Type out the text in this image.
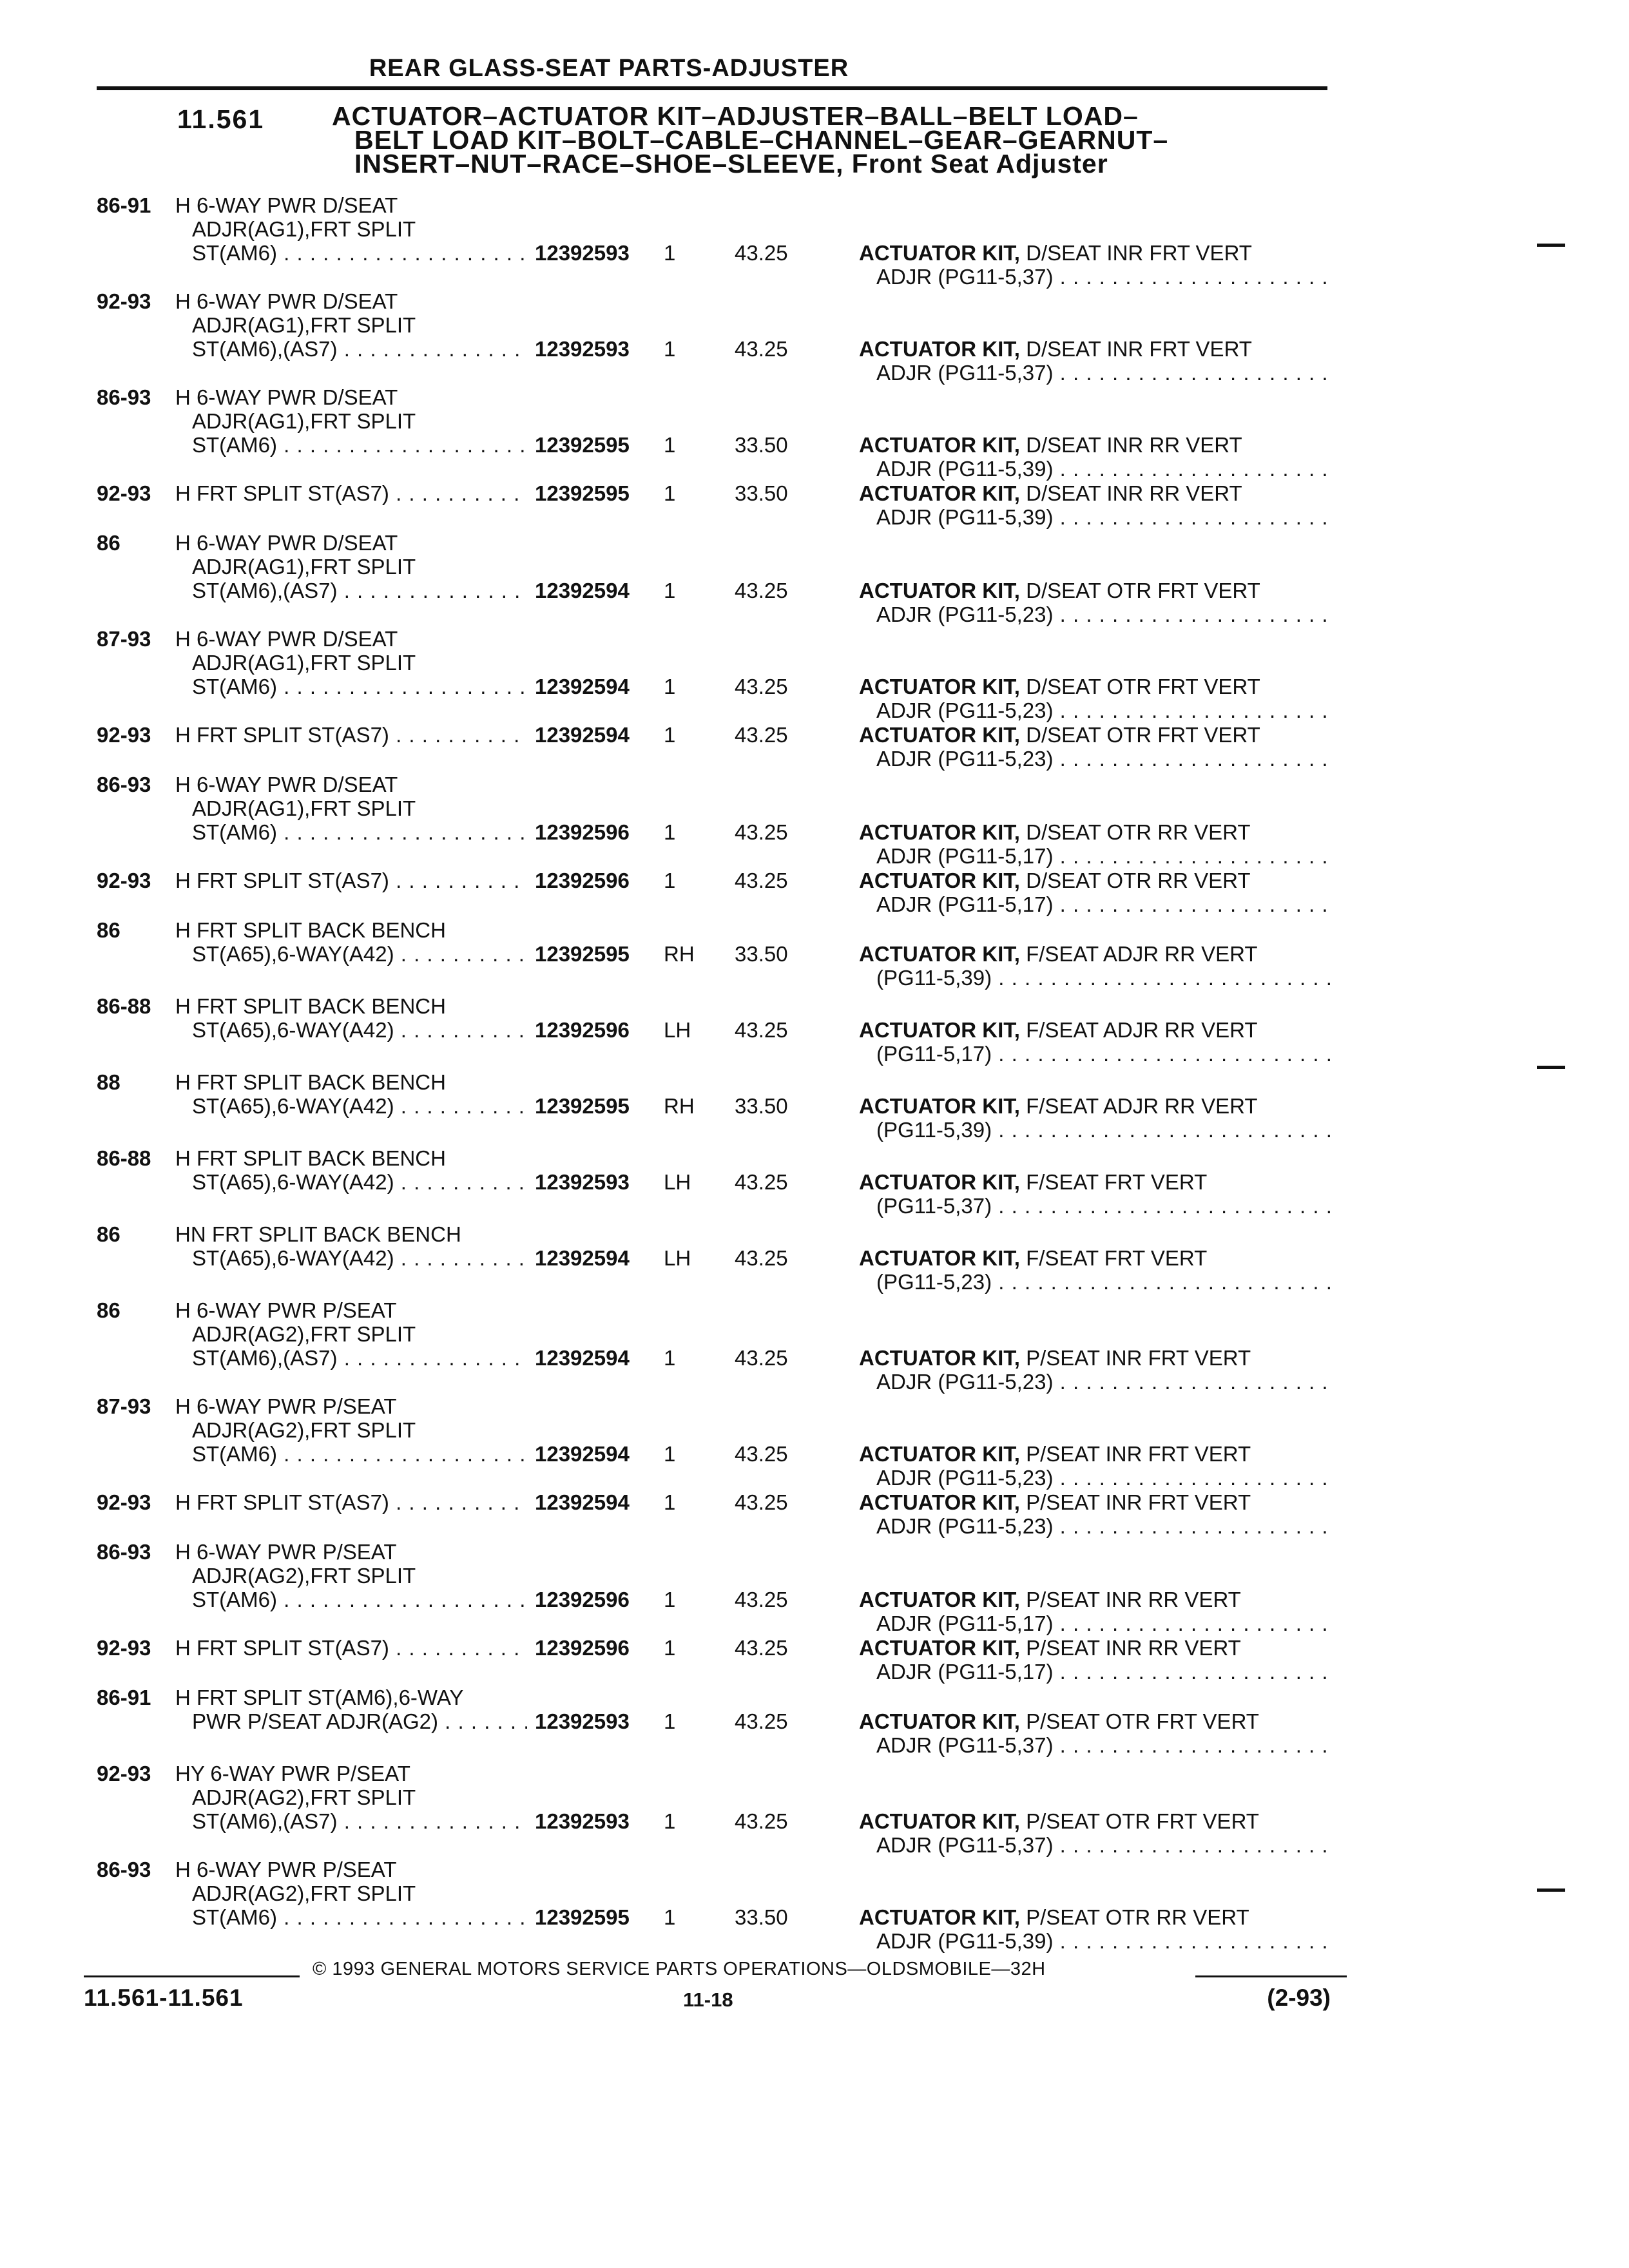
REAR GLASS-SEAT PARTS-ADJUSTER
11.561	ACTUATOR–ACTUATOR KIT–ADJUSTER–BALL–BELT LOAD–
BELT LOAD KIT–BOLT–CABLE–CHANNEL–GEAR–GEARNUT–
INSERT–NUT–RACE–SHOE–SLEEVE, Front Seat Adjuster
86-91	H 6-WAY PWR D/SEAT
ADJR(AG1),FRT SPLIT
ST(AM6) . . .	12392593 1	43.25	ACTUATOR KIT, D/SEAT INR FRT VERT
ADJR (PG11-5,37) . . .
92-93	H 6-WAY PWR D/SEAT
ADJR(AG1),FRT SPLIT
ST(AM6),(AS7) . . .	12392593 1	43.25	ACTUATOR KIT, D/SEAT INR FRT VERT
ADJR (PG11-5,37) . . .
86-93	H 6-WAY PWR D/SEAT
ADJR(AG1),FRT SPLIT
ST(AM6) . . .	12392595 1	33.50	ACTUATOR KIT, D/SEAT INR RR VERT
ADJR (PG11-5,39) . . .
92-93	H FRT SPLIT ST(AS7) . . .	12392595 1	33.50	ACTUATOR KIT, D/SEAT INR RR VERT
ADJR (PG11-5,39) . . .
86	H 6-WAY PWR D/SEAT
ADJR(AG1),FRT SPLIT
ST(AM6),(AS7) . . .	12392594 1	43.25	ACTUATOR KIT, D/SEAT OTR FRT VERT
ADJR (PG11-5,23) . . .
87-93	H 6-WAY PWR D/SEAT
ADJR(AG1),FRT SPLIT
ST(AM6) . . .	12392594 1	43.25	ACTUATOR KIT, D/SEAT OTR FRT VERT
ADJR (PG11-5,23) . . .
92-93	H FRT SPLIT ST(AS7) . . .	12392594 1	43.25	ACTUATOR KIT, D/SEAT OTR FRT VERT
ADJR (PG11-5,23) . . .
86-93	H 6-WAY PWR D/SEAT
ADJR(AG1),FRT SPLIT
ST(AM6) . . .	12392596 1	43.25	ACTUATOR KIT, D/SEAT OTR RR VERT
ADJR (PG11-5,17) . . .
92-93	H FRT SPLIT ST(AS7) . . .	12392596 1	43.25	ACTUATOR KIT, D/SEAT OTR RR VERT
ADJR (PG11-5,17) . . .
86	H FRT SPLIT BACK BENCH
ST(A65),6-WAY(A42) . . .	12392595 RH 33.50	ACTUATOR KIT, F/SEAT ADJR RR VERT
(PG11-5,39) . . .
86-88	H FRT SPLIT BACK BENCH
ST(A65),6-WAY(A42) . . .	12392596 LH 43.25	ACTUATOR KIT, F/SEAT ADJR RR VERT
(PG11-5,17) . . .
88	H FRT SPLIT BACK BENCH
ST(A65),6-WAY(A42) . . .	12392595 RH 33.50	ACTUATOR KIT, F/SEAT ADJR RR VERT
(PG11-5,39) . . .
86-88	H FRT SPLIT BACK BENCH
ST(A65),6-WAY(A42) . . .	12392593 LH 43.25	ACTUATOR KIT, F/SEAT FRT VERT
(PG11-5,37) . . .
86	HN FRT SPLIT BACK BENCH
ST(A65),6-WAY(A42) . . .	12392594 LH 43.25	ACTUATOR KIT, F/SEAT FRT VERT
(PG11-5,23) . . .
86	H 6-WAY PWR P/SEAT
ADJR(AG2),FRT SPLIT
ST(AM6),(AS7) . . .	12392594 1	43.25	ACTUATOR KIT, P/SEAT INR FRT VERT
ADJR (PG11-5,23) . . .
87-93	H 6-WAY PWR P/SEAT
ADJR(AG2),FRT SPLIT
ST(AM6) . . .	12392594 1	43.25	ACTUATOR KIT, P/SEAT INR FRT VERT
ADJR (PG11-5,23) . . .
92-93	H FRT SPLIT ST(AS7) . . .	12392594 1	43.25	ACTUATOR KIT, P/SEAT INR FRT VERT
ADJR (PG11-5,23) . . .
86-93	H 6-WAY PWR P/SEAT
ADJR(AG2),FRT SPLIT
ST(AM6) . . .	12392596 1	43.25	ACTUATOR KIT, P/SEAT INR RR VERT
ADJR (PG11-5,17) . . .
92-93	H FRT SPLIT ST(AS7) . . .	12392596 1	43.25	ACTUATOR KIT, P/SEAT INR RR VERT
ADJR (PG11-5,17) . . .
86-91	H FRT SPLIT ST(AM6),6-WAY
PWR P/SEAT ADJR(AG2) . . .	12392593 1	43.25	ACTUATOR KIT, P/SEAT OTR FRT VERT
ADJR (PG11-5,37) . . .
92-93	HY 6-WAY PWR P/SEAT
ADJR(AG2),FRT SPLIT
ST(AM6),(AS7) . . .	12392593 1	43.25	ACTUATOR KIT, P/SEAT OTR FRT VERT
ADJR (PG11-5,37) . . .
86-93	H 6-WAY PWR P/SEAT
ADJR(AG2),FRT SPLIT
ST(AM6) . . .	12392595 1	33.50	ACTUATOR KIT, P/SEAT OTR RR VERT
ADJR (PG11-5,39) . . .
© 1993 GENERAL MOTORS SERVICE PARTS OPERATIONS—OLDSMOBILE—32H
11.561-11.561	11-18	(2-93)
